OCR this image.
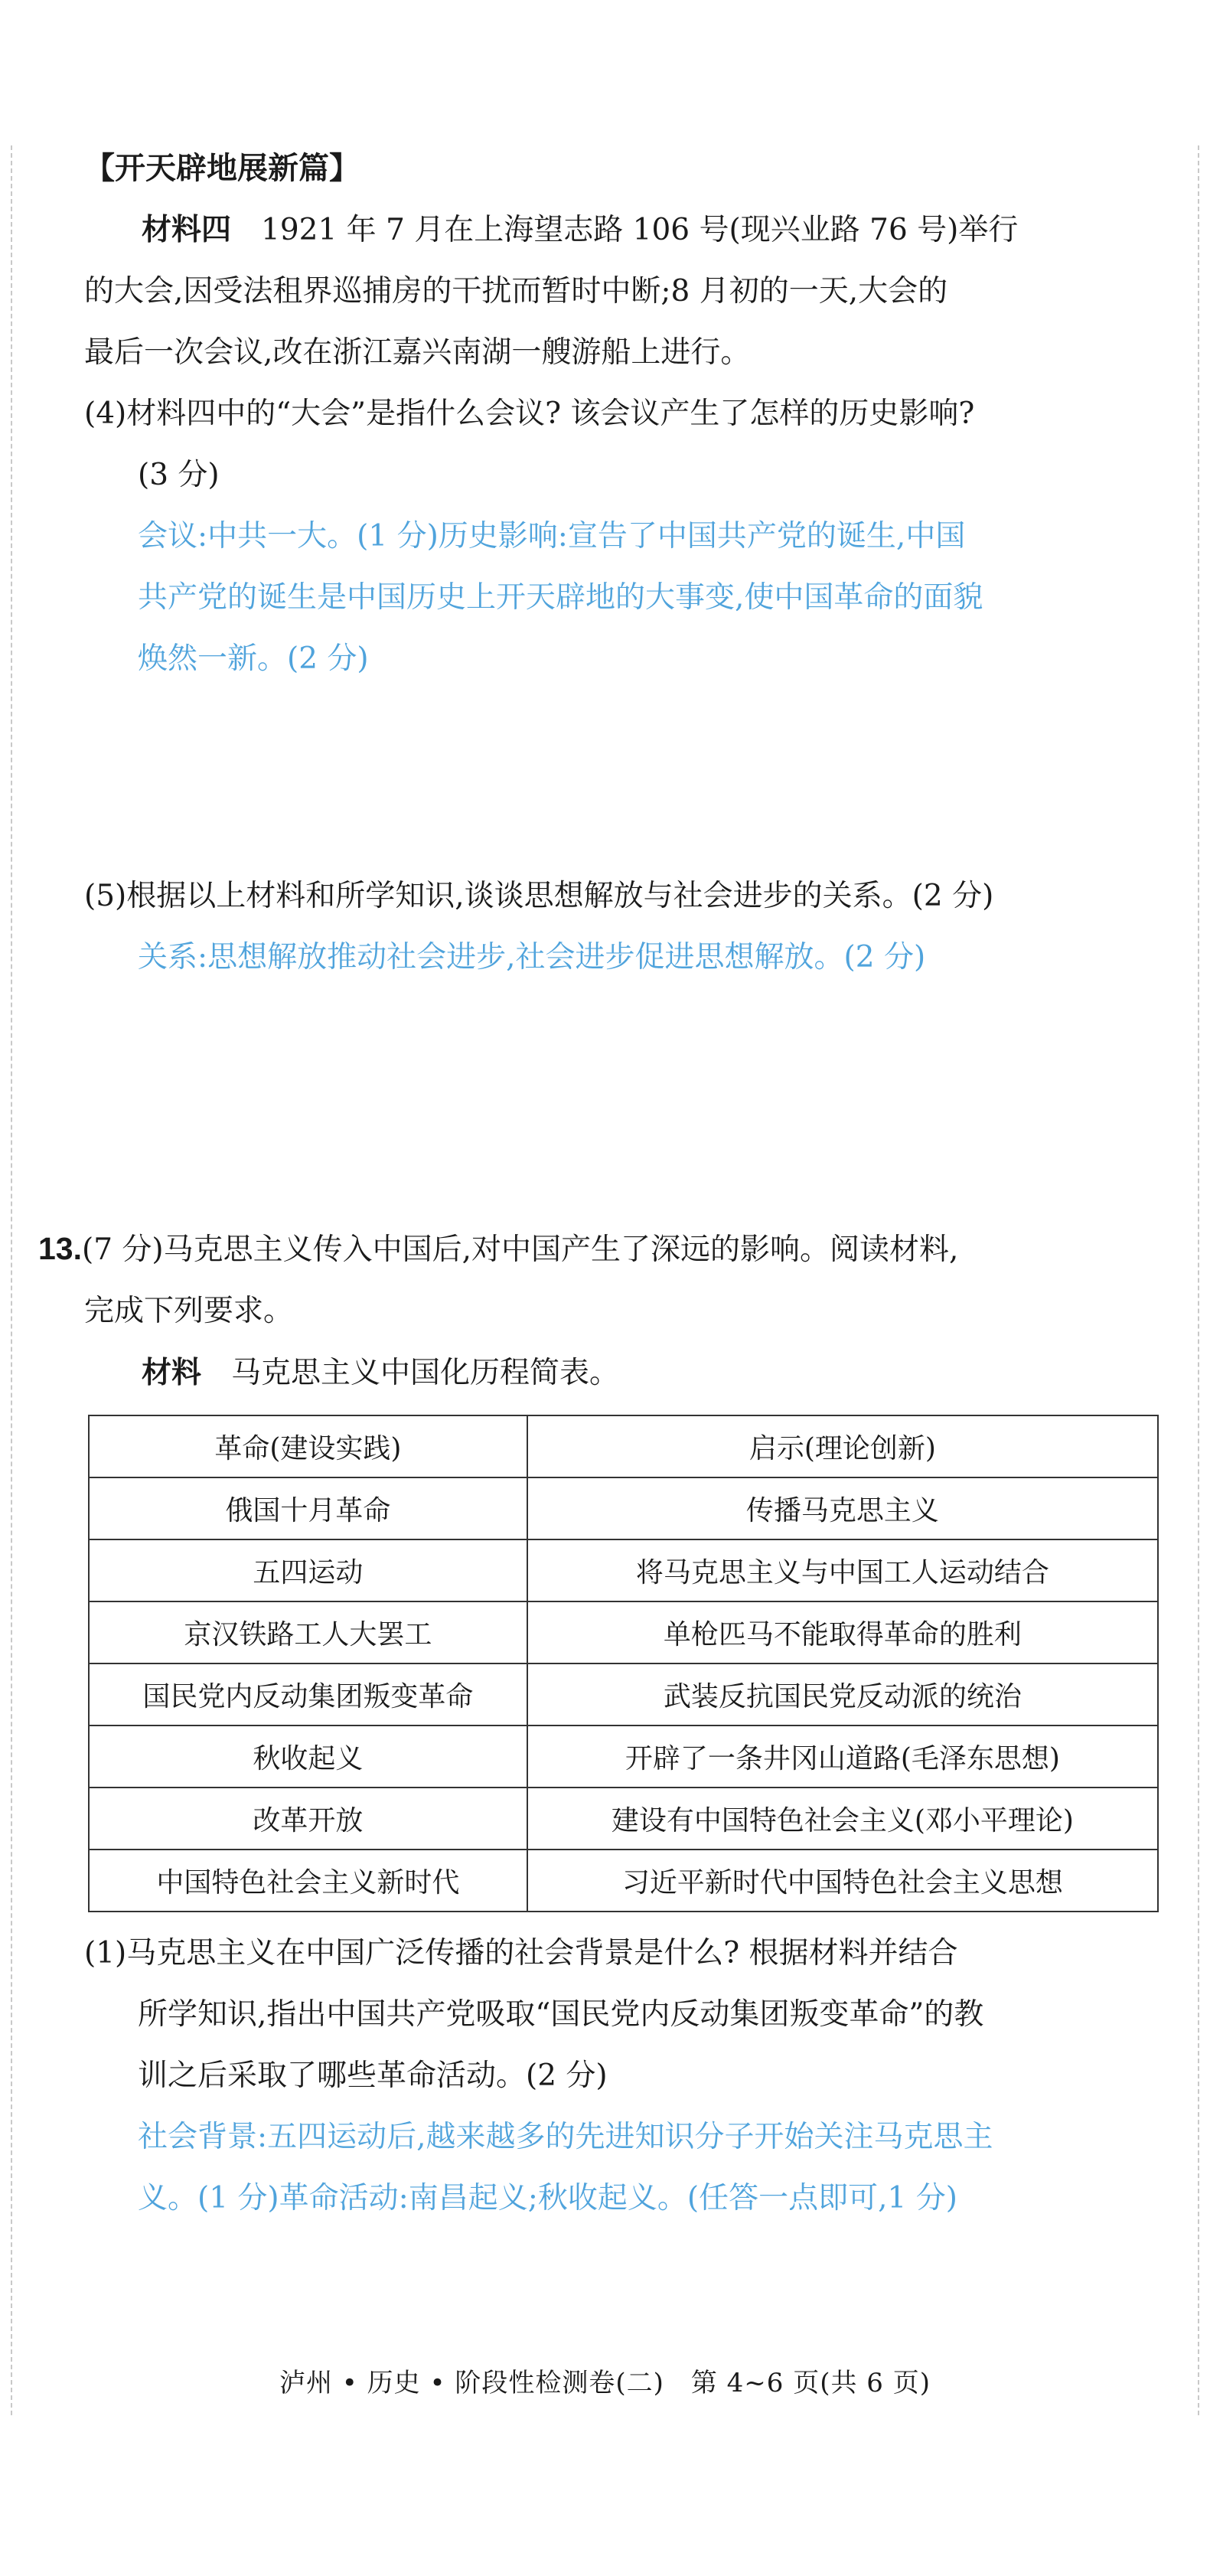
【开天辟地展新篇】
材料四　 1921 年 7 月在上海望志路 106 号(现兴业路 76 号)举行
的大会,因受法租界巡捕房的干扰而暂时中断;8 月初的一天,大会的
最后一次会议,改在浙江嘉兴南湖一艘游船上进行。
(4)材料四中的“大会”是指什么会议? 该会议产生了怎样的历史影响?
(3 分)
会议:中共一大。(1 分)历史影响:宣告了中国共产党的诞生,中国
共产党的诞生是中国历史上开天辟地的大事变,使中国革命的面貌
焕然一新。(2 分)
(5)根据以上材料和所学知识,谈谈思想解放与社会进步的关系。(2 分)
关系:思想解放推动社会进步,社会进步促进思想解放。(2 分)
13.(7 分)马克思主义传入中国后,对中国产生了深远的影响。阅读材料,
完成下列要求。
材料　 马克思主义中国化历程简表。
革命(建设实践)	启示(理论创新)
俄国十月革命	传播马克思主义
五四运动	将马克思主义与中国工人运动结合
京汉铁路工人大罢工	单枪匹马不能取得革命的胜利
国民党内反动集团叛变革命	武装反抗国民党反动派的统治
秋收起义	开辟了一条井冈山道路(毛泽东思想)
改革开放	建设有中国特色社会主义(邓小平理论)
中国特色社会主义新时代	习近平新时代中国特色社会主义思想
(1)马克思主义在中国广泛传播的社会背景是什么? 根据材料并结合
所学知识,指出中国共产党吸取“国民党内反动集团叛变革命”的教
训之后采取了哪些革命活动。(2 分)
社会背景:五四运动后,越来越多的先进知识分子开始关注马克思主
义。(1 分)革命活动:南昌起义;秋收起义。(任答一点即可,1 分)
泸州 • 历史 • 阶段性检测卷(二)　第 4~6 页(共 6 页)
